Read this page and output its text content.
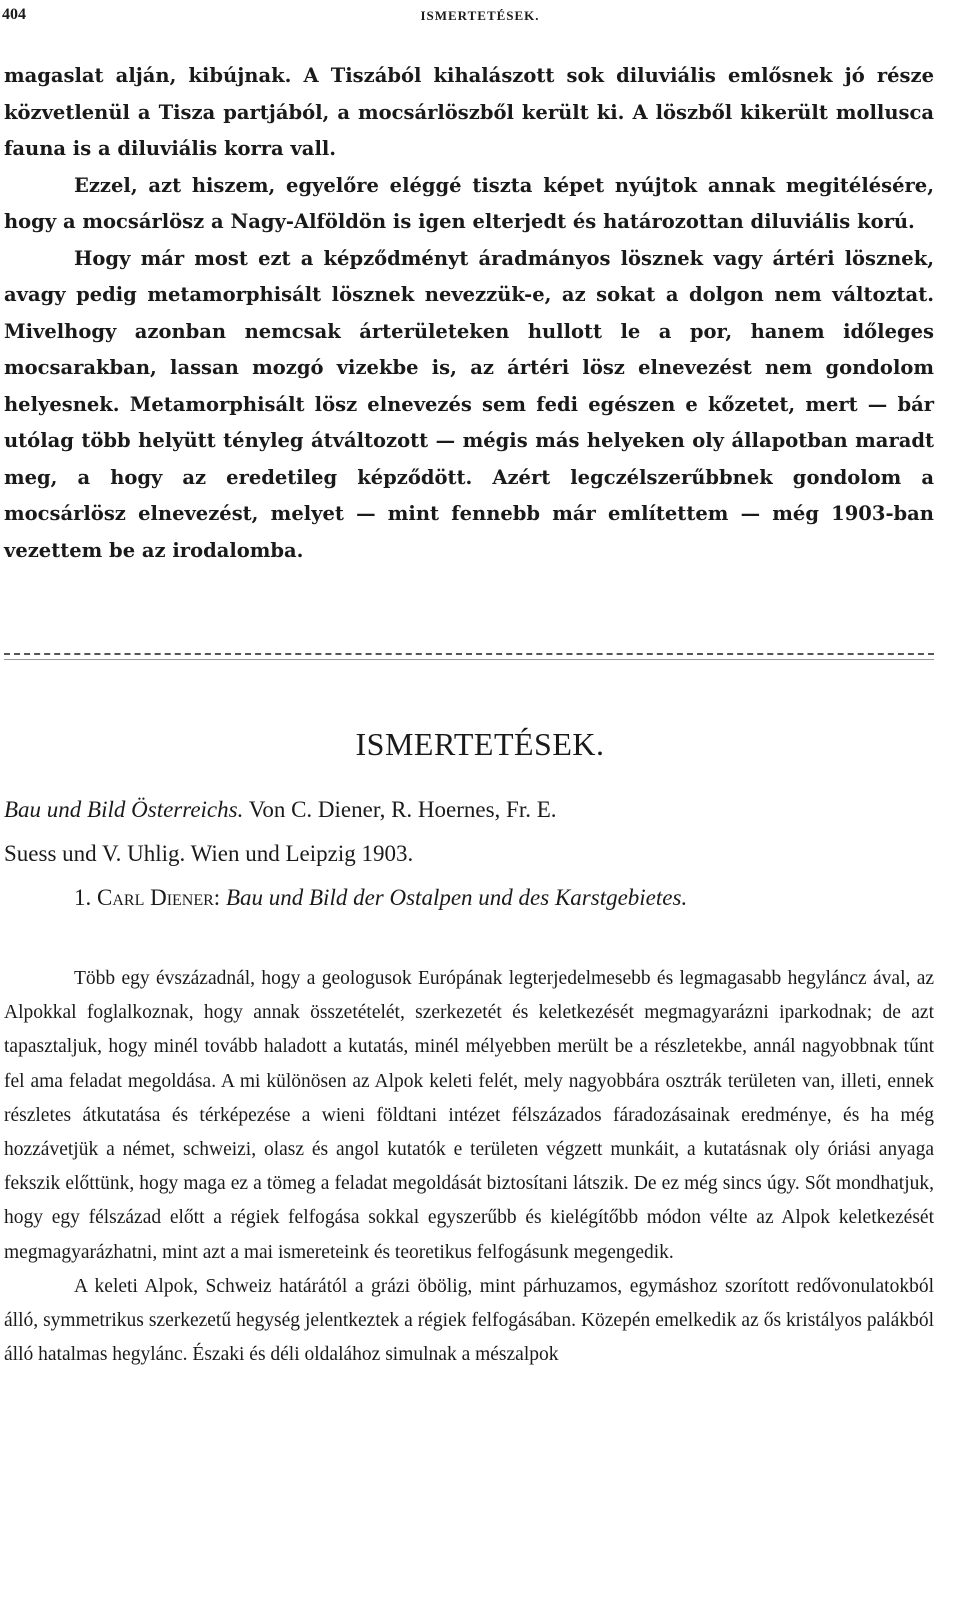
404	ISMERTETÉSEK.

magaslat alján, kibújnak. A Tiszából kihalászott sok diluviális emlősnek jó része közvetlenül a Tisza partjából, a mocsárlöszből került ki. A löszből kikerült mollusca fauna is a diluviális korra vall.

Ezzel, azt hiszem, egyelőre eléggé tiszta képet nyújtok annak megitélésére, hogy a mocsárlösz a Nagy-Alföldön is igen elterjedt és határozottan diluviális korú.

Hogy már most ezt a képződményt áradmányos lösznek vagy ártéri lösznek, avagy pedig metamorphisált lösznek nevezzük-e, az sokat a dolgon nem változtat. Mivelhogy azonban nemcsak árterületeken hullott le a por, hanem időleges mocsarakban, lassan mozgó vizekbe is, az ártéri lösz elnevezést nem gondolom helyesnek. Metamorphisált lösz elnevezés sem fedi egészen e kőzetet, mert — bár utólag több helyütt tényleg átváltozott — mégis más helyeken oly állapotban maradt meg, a hogy az eredetileg képződött. Azért legczélszerűbbnek gondolom a mocsárlösz elnevezést, melyet — mint fennebb már említettem — még 1903-ban vezettem be az irodalomba.

ISMERTETÉSEK.

Bau und Bild Österreichs. Von C. Diener, R. Hoernes, Fr. E.

Suess und V. Uhlig. Wien und Leipzig 1903.

1. Carl Diener: Bau und Bild der Ostalpen und des Karstgebietes.

Több egy évszázadnál, hogy a geologusok Európának legterjedelmesebb és legmagasabb hegyláncz ával, az Alpokkal foglalkoznak, hogy annak összetételét, szerkezetét és keletkezését megmagyarázni iparkodnak; de azt tapasztaljuk, hogy minél tovább haladott a kutatás, minél mélyebben merült be a részletekbe, annál nagyobbnak tűnt fel ama feladat megoldása. A mi különösen az Alpok keleti felét, mely nagyobbára osztrák területen van, illeti, ennek részletes átkutatása és térképezése a wieni földtani intézet félszázados fáradozásainak eredménye, és ha még hozzávetjük a német, schweizi, olasz és angol kutatók e területen végzett munkáit, a kutatásnak oly óriási anyaga fekszik előttünk, hogy maga ez a tömeg a feladat megoldását biztosítani látszik. De ez még sincs úgy. Sőt mondhatjuk, hogy egy félszázad előtt a régiek felfogása sokkal egyszerűbb és kielégítőbb módon vélte az Alpok keletkezését megmagyarázhatni, mint azt a mai ismereteink és teoretikus felfogásunk megengedik.

A keleti Alpok, Schweiz határától a grázi öbölig, mint párhuzamos, egymáshoz szorított redővonulatokból álló, symmetrikus szerkezetű hegység jelentkeztek a régiek felfogásában. Közepén emelkedik az ős kristályos palákból álló hatalmas hegylánc. Északi és déli oldalához simulnak a mészalpok
